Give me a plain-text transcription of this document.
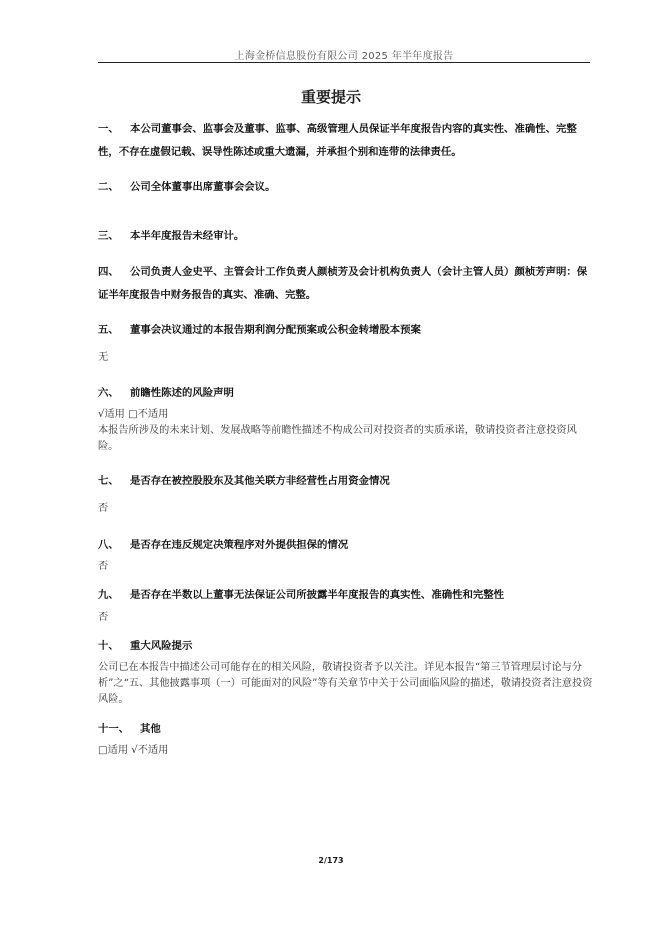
上海金桥信息股份有限公司 2025 年半年度报告
重要提示
一、 本公司董事会、监事会及董事、监事、高级管理人员保证半年度报告内容的真实性、准确性、完整性，不存在虚假记载、误导性陈述或重大遗漏，并承担个别和连带的法律责任。
二、 公司全体董事出席董事会会议。
三、 本半年度报告未经审计。
四、 公司负责人金史平、主管会计工作负责人颜桢芳及会计机构负责人（会计主管人员）颜桢芳声明：保证半年度报告中财务报告的真实、准确、完整。
五、 董事会决议通过的本报告期利润分配预案或公积金转增股本预案
无
六、 前瞻性陈述的风险声明
√适用 □不适用
本报告所涉及的未来计划、发展战略等前瞻性描述不构成公司对投资者的实质承诺，敬请投资者注意投资风险。
七、 是否存在被控股股东及其他关联方非经营性占用资金情况
否
八、 是否存在违反规定决策程序对外提供担保的情况
否
九、 是否存在半数以上董事无法保证公司所披露半年度报告的真实性、准确性和完整性
否
十、 重大风险提示
公司已在本报告中描述公司可能存在的相关风险，敬请投资者予以关注。详见本报告“第三节管理层讨论与分析”之“五、其他披露事项（一）可能面对的风险”等有关章节中关于公司面临风险的描述，敬请投资者注意投资风险。
十一、 其他
□适用 √不适用
2/173
